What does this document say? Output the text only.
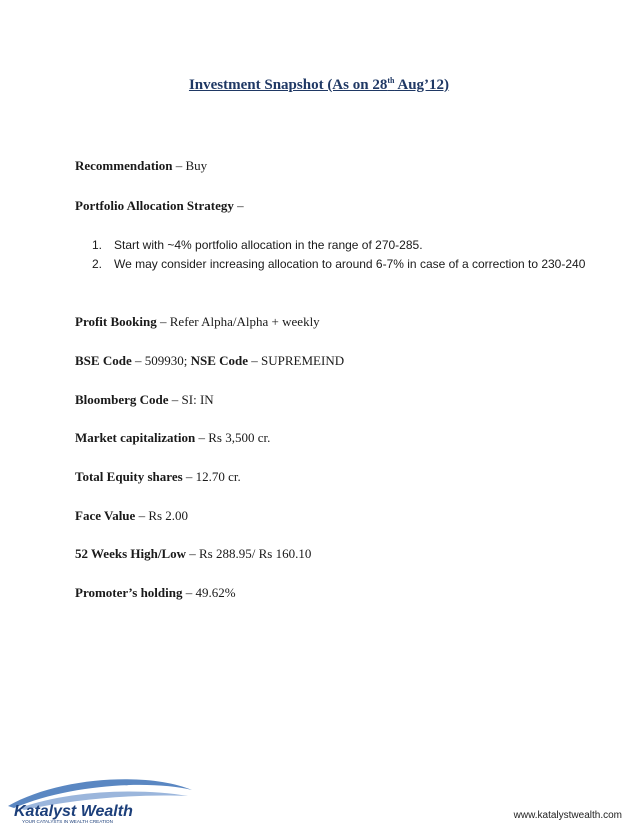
Investment Snapshot (As on 28th Aug’12)
Recommendation – Buy
Portfolio Allocation Strategy –
1. Start with ~4% portfolio allocation in the range of 270-285.
2. We may consider increasing allocation to around 6-7% in case of a correction to 230-240
Profit Booking – Refer Alpha/Alpha + weekly
BSE Code – 509930; NSE Code – SUPREMEIND
Bloomberg Code – SI: IN
Market capitalization – Rs 3,500 cr.
Total Equity shares – 12.70 cr.
Face Value – Rs 2.00
52 Weeks High/Low – Rs 288.95/ Rs 160.10
Promoter’s holding – 49.62%
Katalyst Wealth
YOUR CATALYSTS IN WEALTH CREATION
www.katalystwealth.com
